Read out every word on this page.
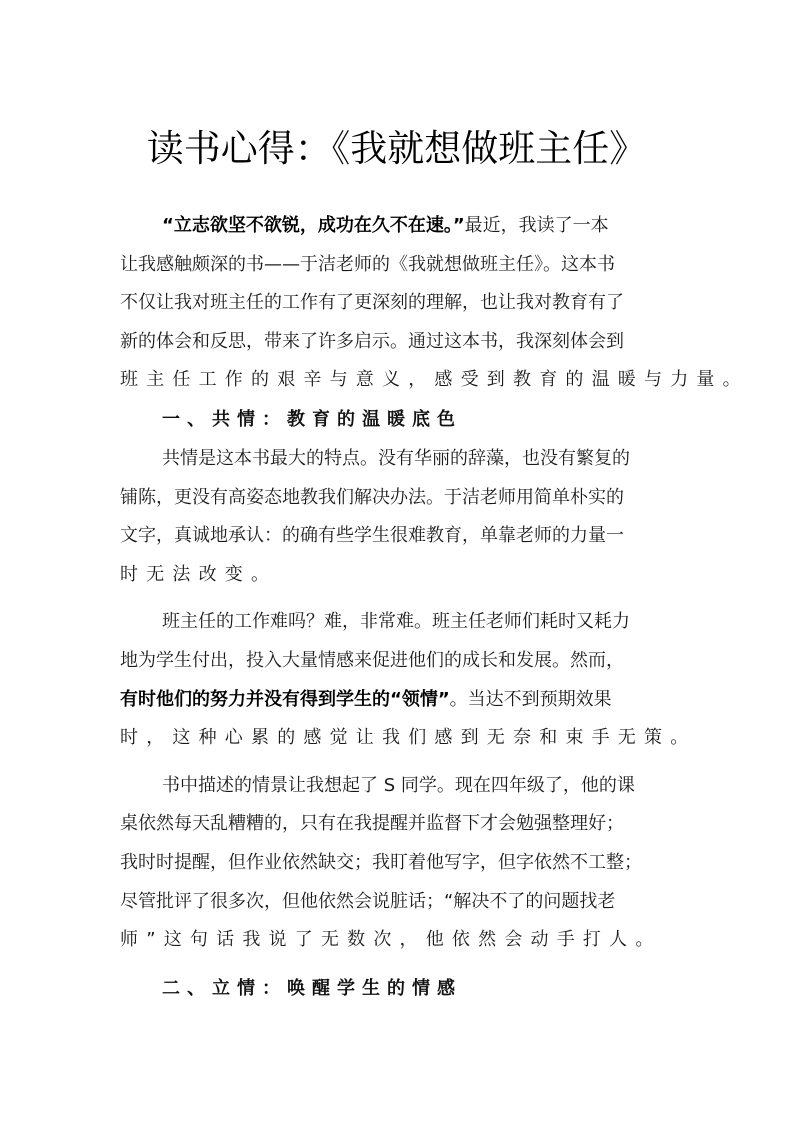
读书心得：《我就想做班主任》
“立志欲坚不欲锐，成功在久不在速。”最近，我读了一本
让我感触颇深的书——于洁老师的《我就想做班主任》。这本书
不仅让我对班主任的工作有了更深刻的理解，也让我对教育有了
新的体会和反思，带来了许多启示。通过这本书，我深刻体会到
班主任工作的艰辛与意义，感受到教育的温暖与力量。
一、共情：教育的温暖底色
共情是这本书最大的特点。没有华丽的辞藻，也没有繁复的
铺陈，更没有高姿态地教我们解决办法。于洁老师用简单朴实的
文字，真诚地承认：的确有些学生很难教育，单靠老师的力量一
时无法改变。
班主任的工作难吗？难，非常难。班主任老师们耗时又耗力
地为学生付出，投入大量情感来促进他们的成长和发展。然而，
有时他们的努力并没有得到学生的“领情”。当达不到预期效果
时，这种心累的感觉让我们感到无奈和束手无策。
书中描述的情景让我想起了 S 同学。现在四年级了，他的课
桌依然每天乱糟糟的，只有在我提醒并监督下才会勉强整理好；
我时时提醒，但作业依然缺交；我盯着他写字，但字依然不工整；
尽管批评了很多次，但他依然会说脏话；“解决不了的问题找老
师”这句话我说了无数次，他依然会动手打人。
二、立情：唤醒学生的情感
